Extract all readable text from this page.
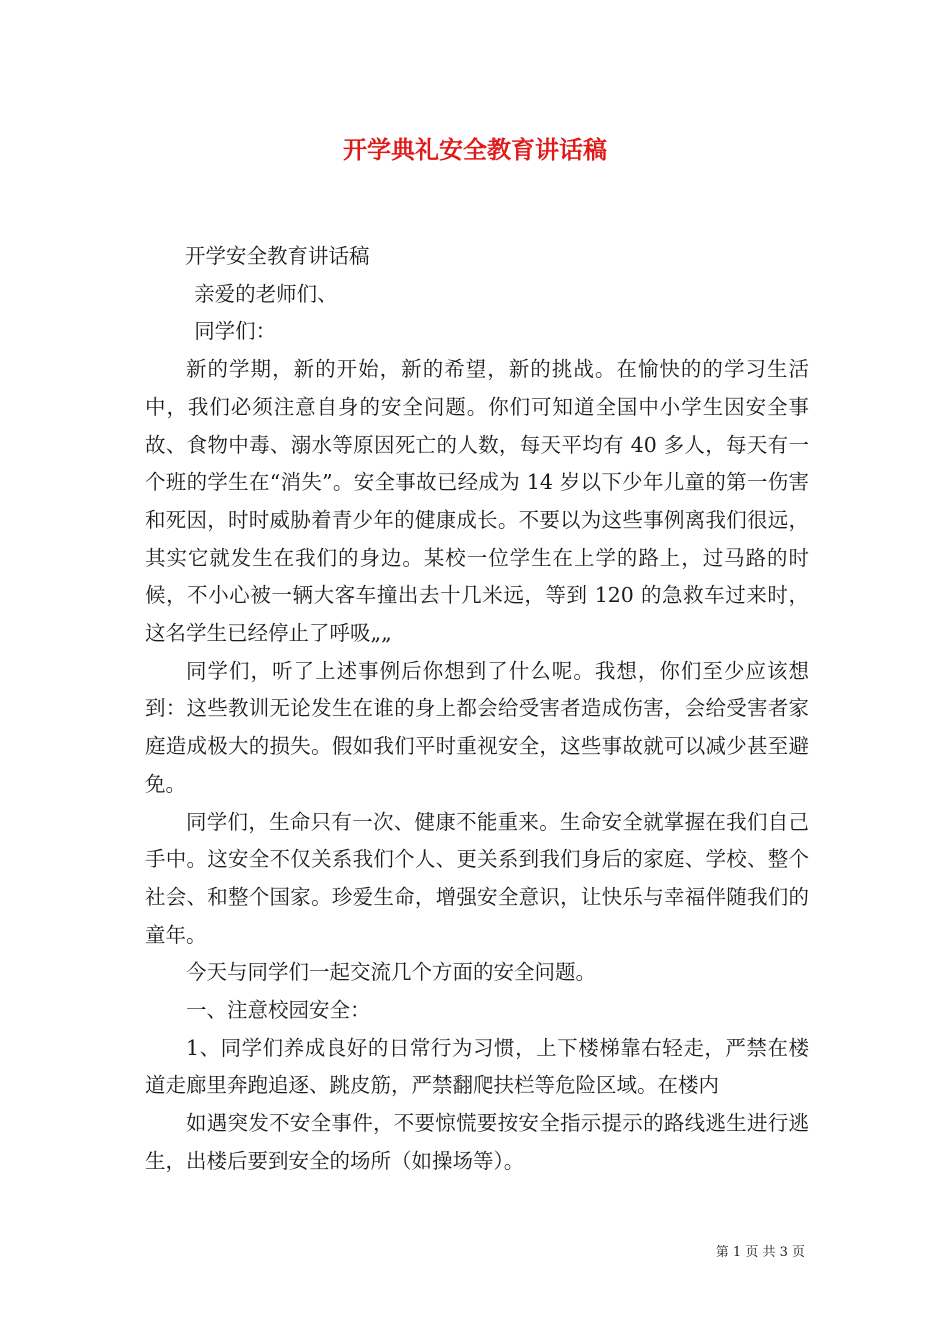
开学典礼安全教育讲话稿

开学安全教育讲话稿

亲爱的老师们、

同学们：

新的学期，新的开始，新的希望，新的挑战。在愉快的的学习生活中，我们必须注意自身的安全问题。你们可知道全国中小学生因安全事故、食物中毒、溺水等原因死亡的人数，每天平均有 40 多人，每天有一个班的学生在“消失”。安全事故已经成为 14 岁以下少年儿童的第一伤害和死因，时时威胁着青少年的健康成长。不要以为这些事例离我们很远，其实它就发生在我们的身边。某校一位学生在上学的路上，过马路的时候，不小心被一辆大客车撞出去十几米远，等到 120 的急救车过来时，这名学生已经停止了呼吸„„

同学们，听了上述事例后你想到了什么呢。我想，你们至少应该想到：这些教训无论发生在谁的身上都会给受害者造成伤害，会给受害者家庭造成极大的损失。假如我们平时重视安全，这些事故就可以减少甚至避免。

同学们，生命只有一次、健康不能重来。生命安全就掌握在我们自己手中。这安全不仅关系我们个人、更关系到我们身后的家庭、学校、整个社会、和整个国家。珍爱生命，增强安全意识，让快乐与幸福伴随我们的童年。

今天与同学们一起交流几个方面的安全问题。

一、注意校园安全：

1、同学们养成良好的日常行为习惯，上下楼梯靠右轻走，严禁在楼道走廊里奔跑追逐、跳皮筋，严禁翻爬扶栏等危险区域。在楼内

如遇突发不安全事件，不要惊慌要按安全指示提示的路线逃生进行逃生，出楼后要到安全的场所（如操场等）。

第 1 页 共 3 页
